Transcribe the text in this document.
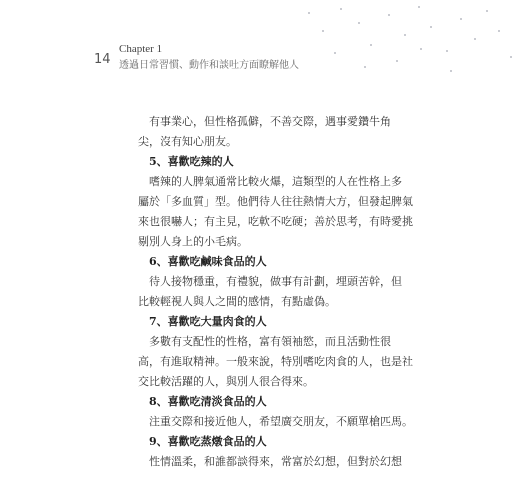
14
Chapter 1
透過日常習慣、動作和談吐方面瞭解他人
有事業心，但性格孤僻，不善交際，遇事愛鑽牛角
尖，沒有知心朋友。
5、喜歡吃辣的人
嗜辣的人脾氣通常比較火爆，這類型的人在性格上多
屬於「多血質」型。他們待人往往熱情大方，但發起脾氣
來也很嚇人；有主見，吃軟不吃硬；善於思考，有時愛挑
剔別人身上的小毛病。
6、喜歡吃鹹味食品的人
待人接物穩重，有禮貌，做事有計劃，埋頭苦幹，但
比較輕視人與人之間的感情，有點虛偽。
7、喜歡吃大量肉食的人
多數有支配性的性格，富有領袖慾，而且活動性很
高，有進取精神。一般來說，特別嗜吃肉食的人，也是社
交比較活躍的人，與別人很合得來。
8、喜歡吃清淡食品的人
注重交際和接近他人，希望廣交朋友，不願單槍匹馬。
9、喜歡吃蒸燉食品的人
性情溫柔，和誰都談得來，常富於幻想，但對於幻想
